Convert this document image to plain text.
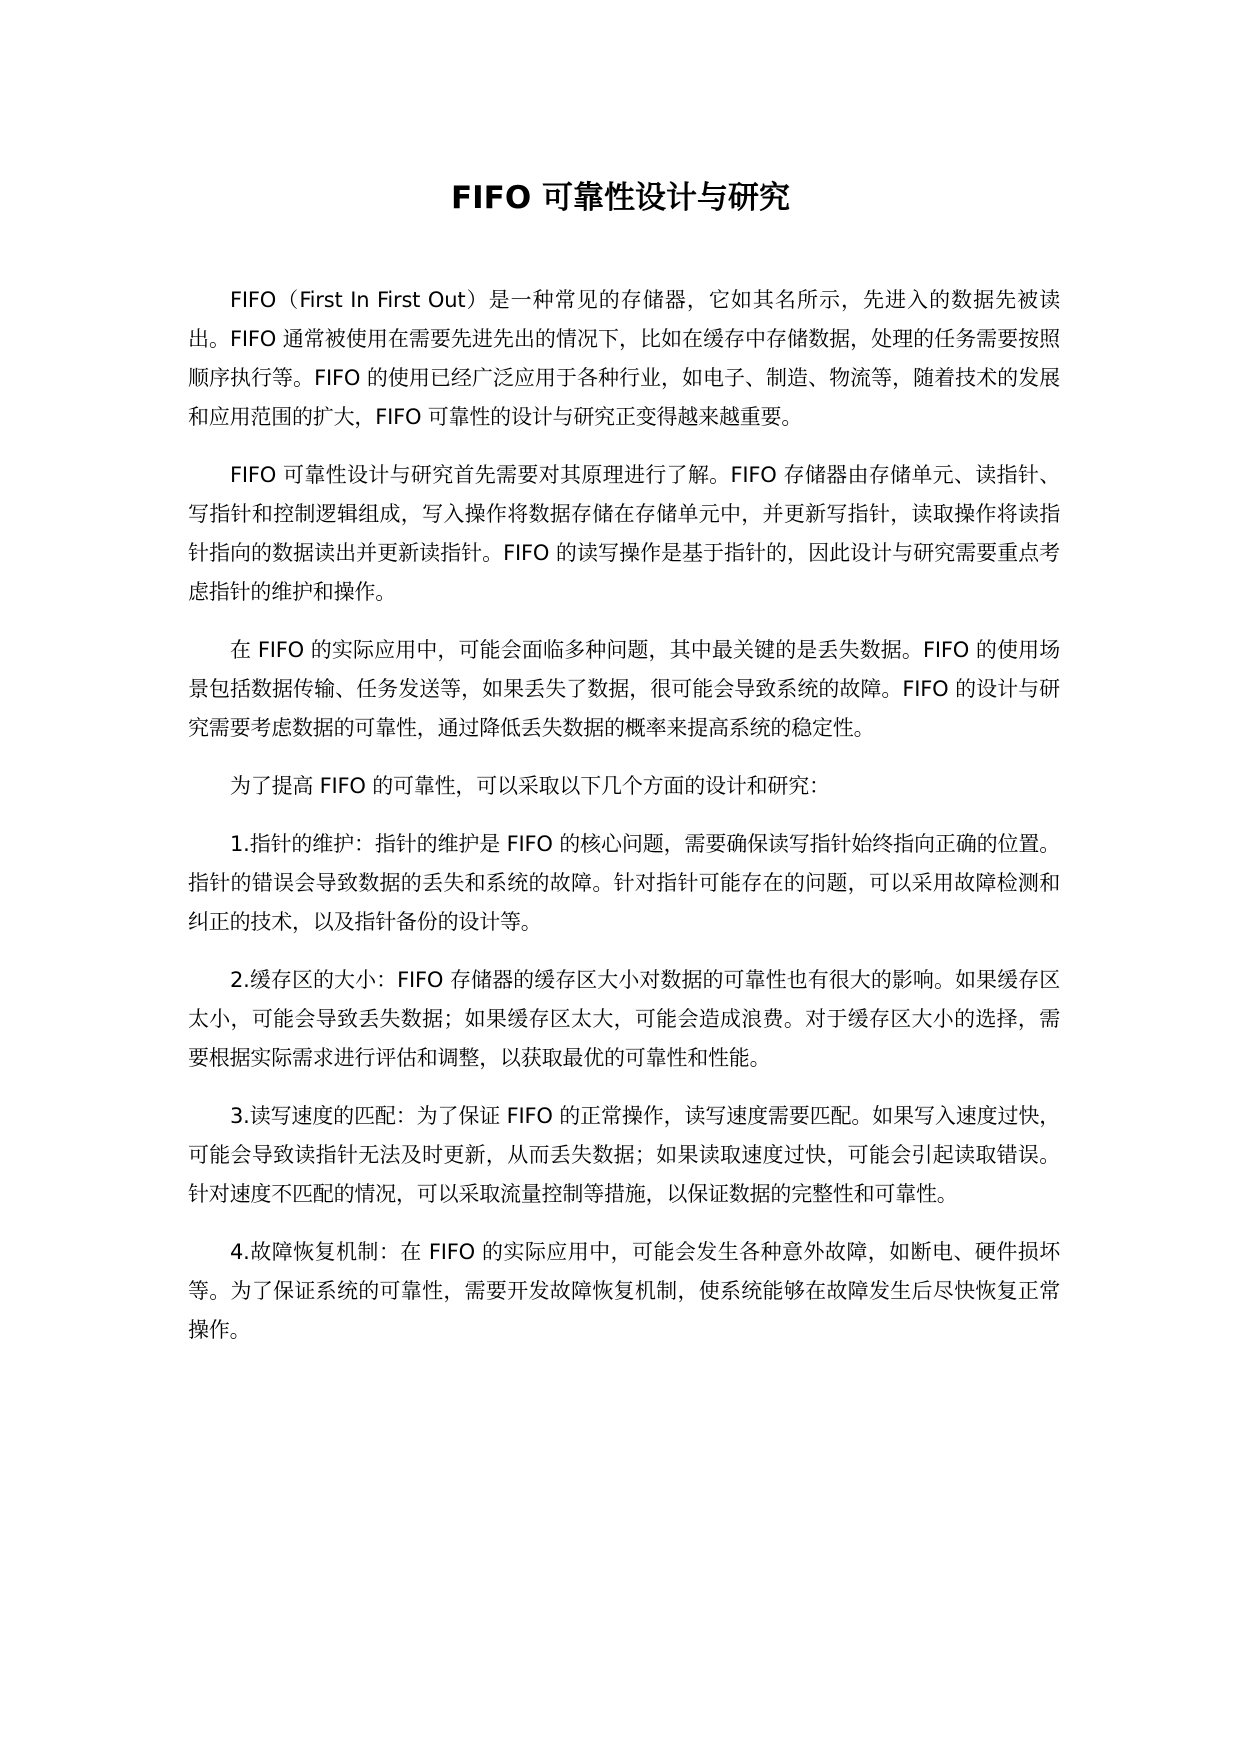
FIFO 可靠性设计与研究

FIFO（First In First Out）是一种常见的存储器，它如其名所示，先进入的数据先被读出。FIFO 通常被使用在需要先进先出的情况下，比如在缓存中存储数据，处理的任务需要按照顺序执行等。FIFO 的使用已经广泛应用于各种行业，如电子、制造、物流等，随着技术的发展和应用范围的扩大，FIFO 可靠性的设计与研究正变得越来越重要。

FIFO 可靠性设计与研究首先需要对其原理进行了解。FIFO 存储器由存储单元、读指针、写指针和控制逻辑组成，写入操作将数据存储在存储单元中，并更新写指针，读取操作将读指针指向的数据读出并更新读指针。FIFO 的读写操作是基于指针的，因此设计与研究需要重点考虑指针的维护和操作。

在 FIFO 的实际应用中，可能会面临多种问题，其中最关键的是丢失数据。FIFO 的使用场景包括数据传输、任务发送等，如果丢失了数据，很可能会导致系统的故障。FIFO 的设计与研究需要考虑数据的可靠性，通过降低丢失数据的概率来提高系统的稳定性。

为了提高 FIFO 的可靠性，可以采取以下几个方面的设计和研究：

1.指针的维护：指针的维护是 FIFO 的核心问题，需要确保读写指针始终指向正确的位置。指针的错误会导致数据的丢失和系统的故障。针对指针可能存在的问题，可以采用故障检测和纠正的技术，以及指针备份的设计等。

2.缓存区的大小：FIFO 存储器的缓存区大小对数据的可靠性也有很大的影响。如果缓存区太小，可能会导致丢失数据；如果缓存区太大，可能会造成浪费。对于缓存区大小的选择，需要根据实际需求进行评估和调整，以获取最优的可靠性和性能。

3.读写速度的匹配：为了保证 FIFO 的正常操作，读写速度需要匹配。如果写入速度过快，可能会导致读指针无法及时更新，从而丢失数据；如果读取速度过快，可能会引起读取错误。针对速度不匹配的情况，可以采取流量控制等措施，以保证数据的完整性和可靠性。

4.故障恢复机制：在 FIFO 的实际应用中，可能会发生各种意外故障，如断电、硬件损坏等。为了保证系统的可靠性，需要开发故障恢复机制，使系统能够在故障发生后尽快恢复正常操作。
